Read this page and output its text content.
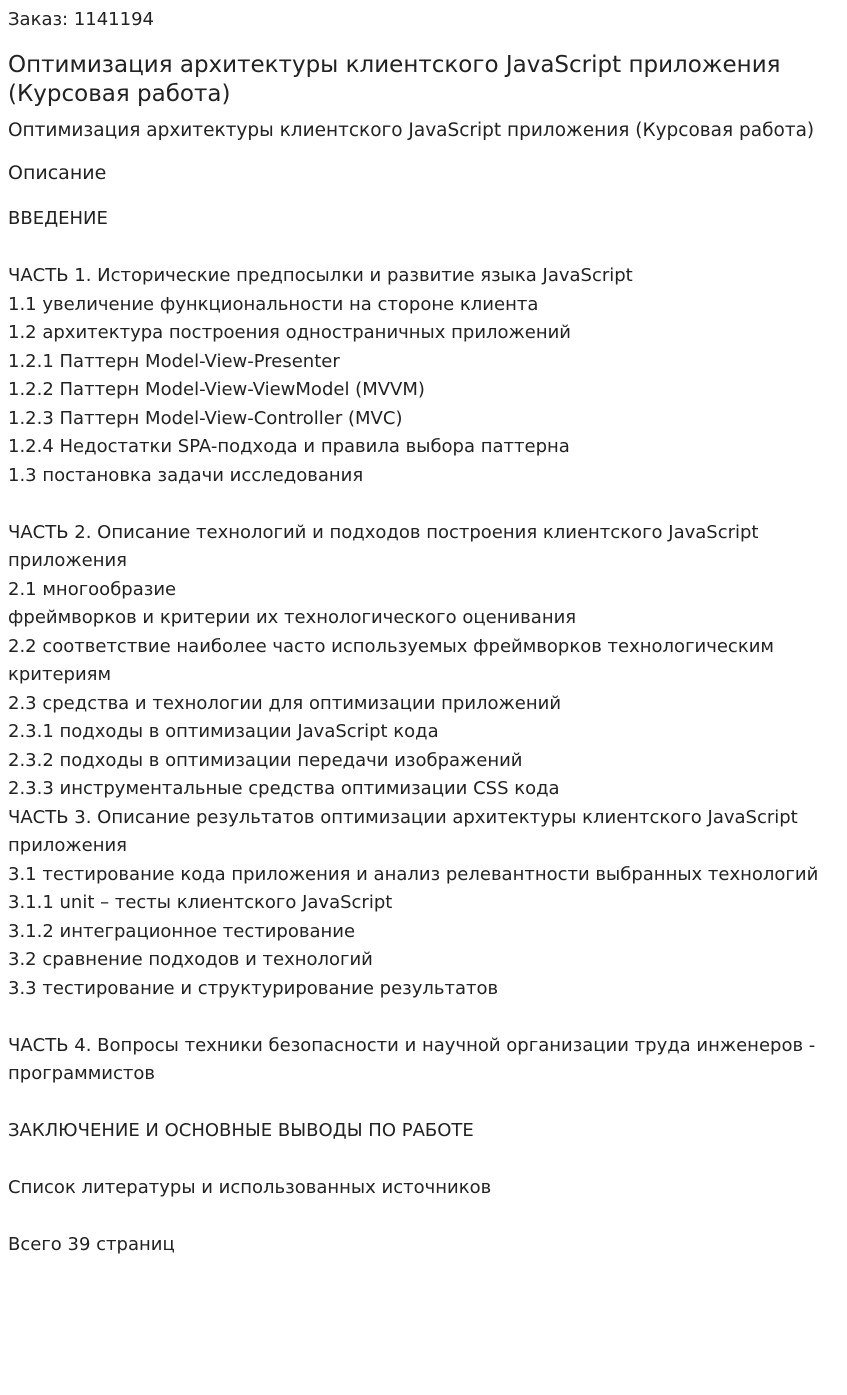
Заказ: 1141194
Оптимизация архитектуры клиентского JavaScript приложения (Курсовая работа)
Оптимизация архитектуры клиентского JavaScript приложения (Курсовая работа)
Описание
ВВЕДЕНИЕ
ЧАСТЬ 1. Исторические предпосылки и развитие языка JavaScript
1.1 увеличение функциональности на стороне клиента
1.2 архитектура построения одностраничных приложений
1.2.1 Паттерн Model-View-Presenter
1.2.2 Паттерн Model-View-ViewModel (MVVM)
1.2.3 Паттерн Model-View-Controller (MVC)
1.2.4 Недостатки SPA-подхода и правила выбора паттерна
1.3 постановка задачи исследования
ЧАСТЬ 2. Описание технологий и подходов построения клиентского JavaScript приложения
2.1 многообразие
фреймворков и критерии их технологического оценивания
2.2 соответствие наиболее часто используемых фреймворков технологическим критериям
2.3 средства и технологии для оптимизации приложений
2.3.1 подходы в оптимизации JavaScript кода
2.3.2 подходы в оптимизации передачи изображений
2.3.3 инструментальные средства оптимизации CSS кода
ЧАСТЬ 3. Описание результатов оптимизации архитектуры клиентского JavaScript приложения
3.1 тестирование кода приложения и анализ релевантности выбранных технологий
3.1.1 unit – тесты клиентского JavaScript
3.1.2 интеграционное тестирование
3.2 сравнение подходов и технологий
3.3 тестирование и структурирование результатов
ЧАСТЬ 4. Вопросы техники безопасности и научной организации труда инженеров - программистов
ЗАКЛЮЧЕНИЕ И ОСНОВНЫЕ ВЫВОДЫ ПО РАБОТЕ
Список литературы и использованных источников
Всего 39 страниц
